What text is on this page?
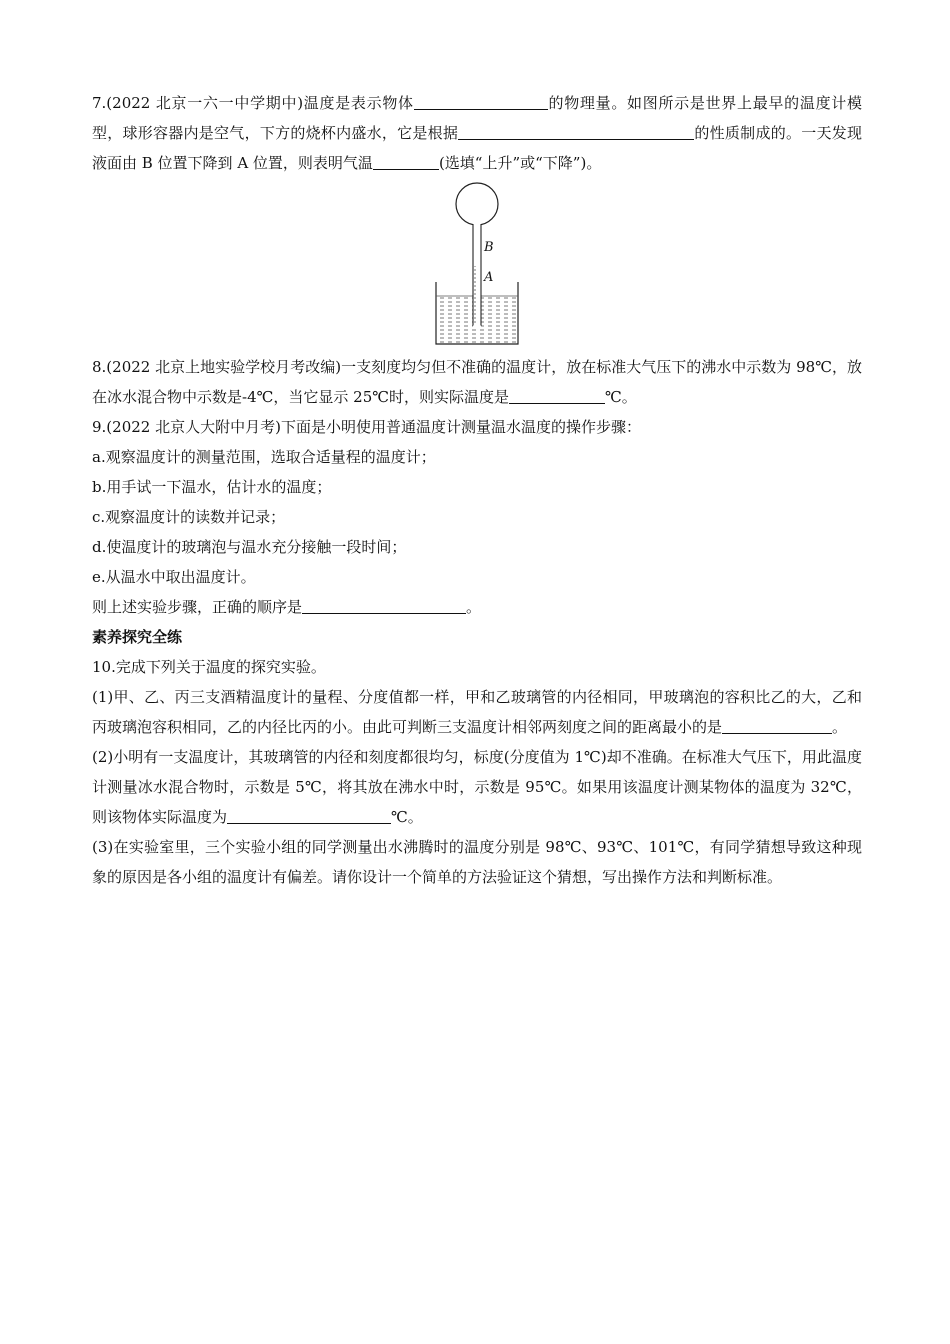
7.(2022 北京一六一中学期中)温度是表示物体	的物理量。如图所示是世界上最早的温度计模型，球形容器内是空气，下方的烧杯内盛水，它是根据	的性质制成的。一天发现液面由 B 位置下降到 A 位置，则表明气温	(选填“上升”或“下降”)。

B
A

8.(2022 北京上地实验学校月考改编)一支刻度均匀但不准确的温度计，放在标准大气压下的沸水中示数为 98℃，放在冰水混合物中示数是-4℃，当它显示 25℃时，则实际温度是	℃。

9.(2022 北京人大附中月考)下面是小明使用普通温度计测量温水温度的操作步骤：

a.观察温度计的测量范围，选取合适量程的温度计；

b.用手试一下温水，估计水的温度；

c.观察温度计的读数并记录；

d.使温度计的玻璃泡与温水充分接触一段时间；

e.从温水中取出温度计。

则上述实验步骤，正确的顺序是	。

素养探究全练

10.完成下列关于温度的探究实验。

(1)甲、乙、丙三支酒精温度计的量程、分度值都一样，甲和乙玻璃管的内径相同，甲玻璃泡的容积比乙的大，乙和丙玻璃泡容积相同，乙的内径比丙的小。由此可判断三支温度计相邻两刻度之间的距离最小的是	。

(2)小明有一支温度计，其玻璃管的内径和刻度都很均匀，标度(分度值为 1℃)却不准确。在标准大气压下，用此温度计测量冰水混合物时，示数是 5℃，将其放在沸水中时，示数是 95℃。如果用该温度计测某物体的温度为 32℃，则该物体实际温度为	℃。

(3)在实验室里，三个实验小组的同学测量出水沸腾时的温度分别是 98℃、93℃、101℃，有同学猜想导致这种现象的原因是各小组的温度计有偏差。请你设计一个简单的方法验证这个猜想，写出操作方法和判断标准。
